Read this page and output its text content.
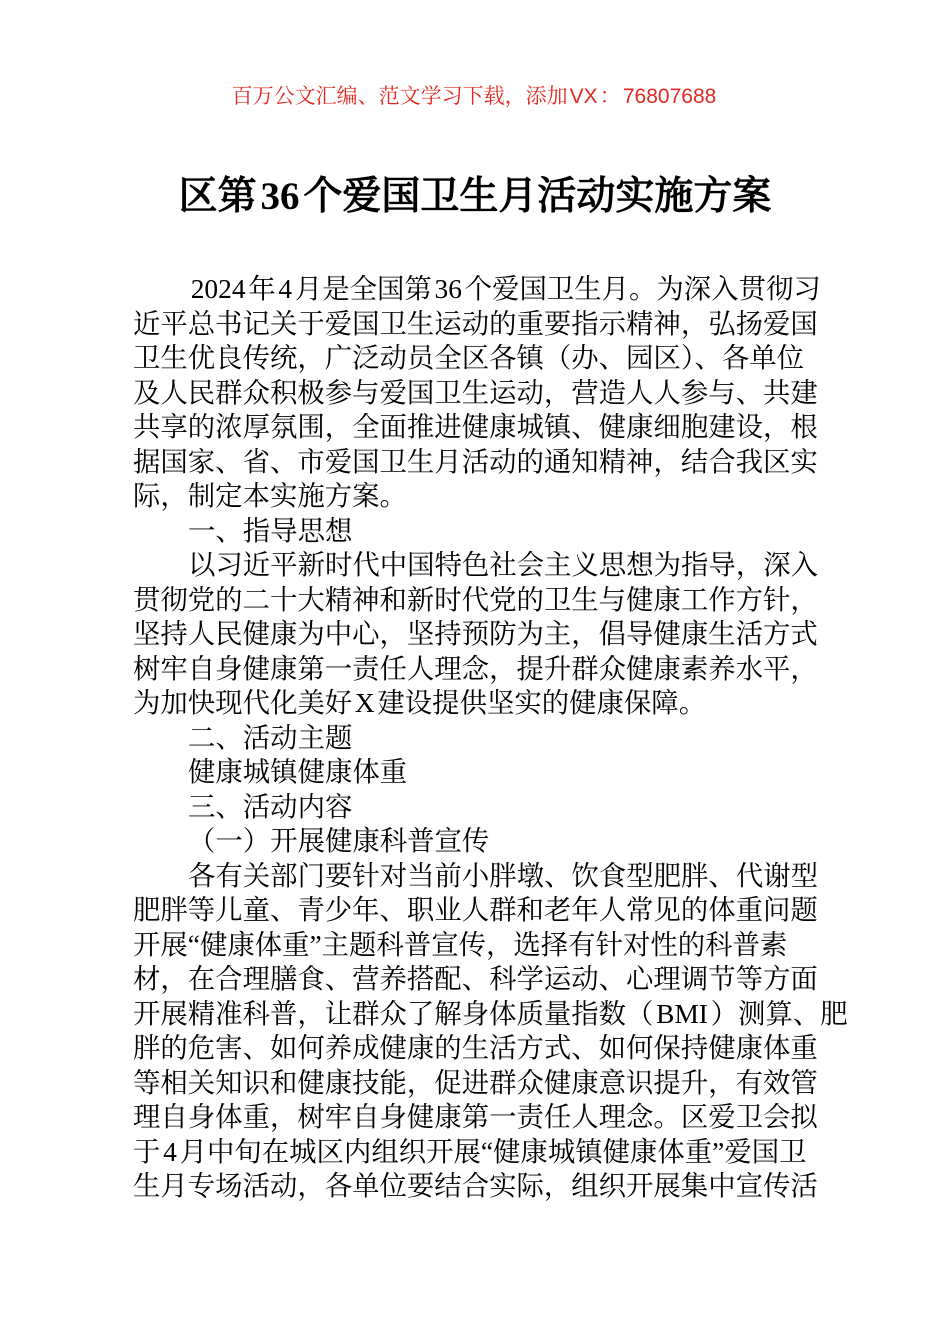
百万公文汇编、范文学习下载，添加VX：76807688
区第36个爱国卫生月活动实施方案
2024年4月是全国第36个爱国卫生月。为深入贯彻习
近平总书记关于爱国卫生运动的重要指示精神，弘扬爱国
卫生优良传统，广泛动员全区各镇（办、园区）、各单位
及人民群众积极参与爱国卫生运动，营造人人参与、共建
共享的浓厚氛围，全面推进健康城镇、健康细胞建设，根
据国家、省、市爱国卫生月活动的通知精神，结合我区实
际，制定本实施方案。
一、指导思想
以习近平新时代中国特色社会主义思想为指导，深入
贯彻党的二十大精神和新时代党的卫生与健康工作方针，
坚持人民健康为中心，坚持预防为主，倡导健康生活方式
树牢自身健康第一责任人理念，提升群众健康素养水平，
为加快现代化美好X建设提供坚实的健康保障。
二、活动主题
健康城镇健康体重
三、活动内容
（一）开展健康科普宣传
各有关部门要针对当前小胖墩、饮食型肥胖、代谢型
肥胖等儿童、青少年、职业人群和老年人常见的体重问题
开展“健康体重”主题科普宣传，选择有针对性的科普素
材，在合理膳食、营养搭配、科学运动、心理调节等方面
开展精准科普，让群众了解身体质量指数（BMI）测算、肥
胖的危害、如何养成健康的生活方式、如何保持健康体重
等相关知识和健康技能，促进群众健康意识提升，有效管
理自身体重，树牢自身健康第一责任人理念。区爱卫会拟
于4月中旬在城区内组织开展“健康城镇健康体重”爱国卫
生月专场活动，各单位要结合实际，组织开展集中宣传活
